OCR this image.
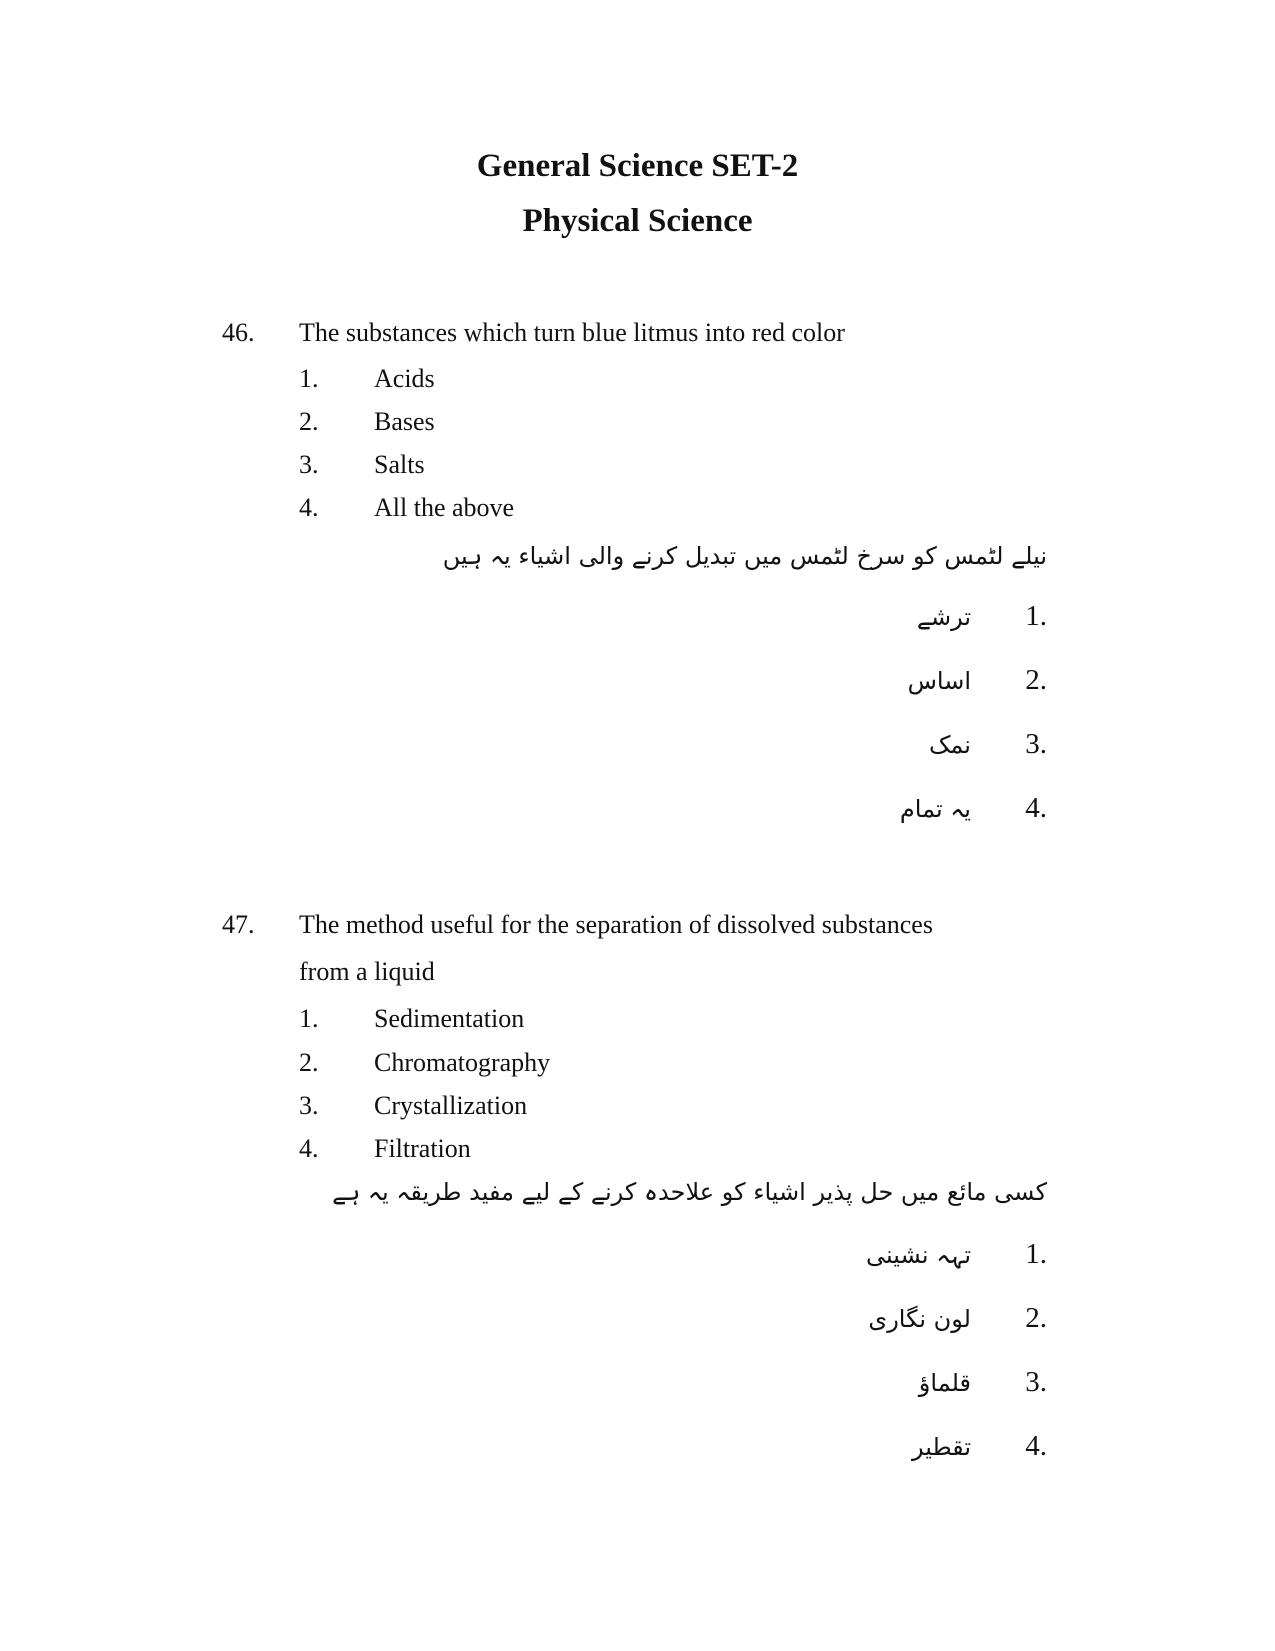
General Science SET-2
Physical Science
46. The substances which turn blue litmus into red color
1. Acids
2. Bases
3. Salts
4. All the above
نیلے لٹمس کو سرخ لٹمس میں تبدیل کرنے والی اشیاء یہ ہیں
1.
ترشے
2.
اساس
3.
نمک
4.
یہ تمام
47. The method useful for the separation of dissolved substances
from a liquid
1. Sedimentation
2. Chromatography
3. Crystallization
4. Filtration
کسی مائع میں حل پذیر اشیاء کو علاحدہ کرنے کے لیے مفید طریقہ یہ ہے
1.
تہہ نشینی
2.
لون نگاری
3.
قلماؤ
4.
تقطیر
